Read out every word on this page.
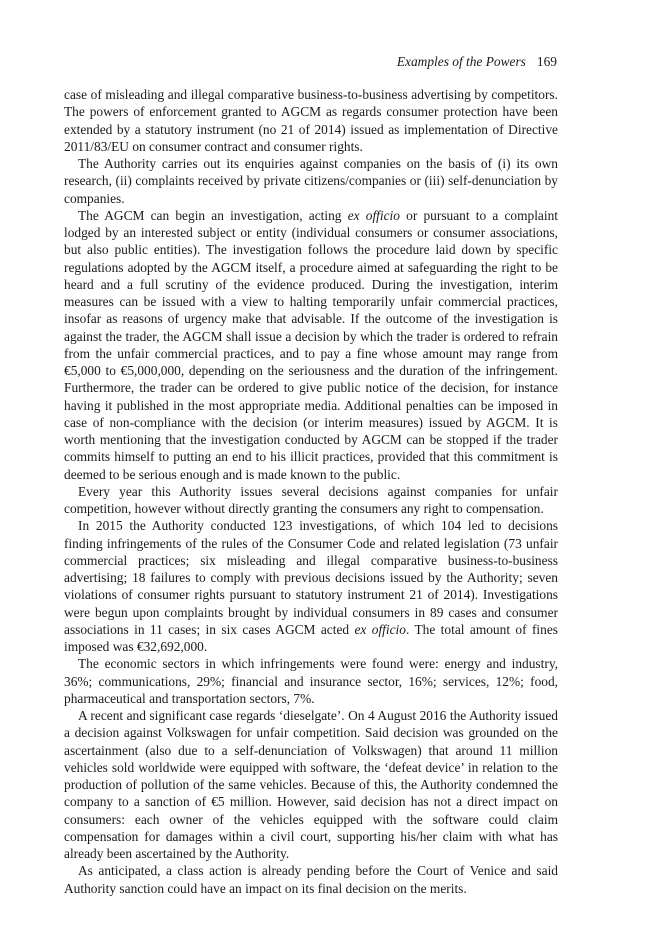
Examples of the Powers 169

case of misleading and illegal comparative business-to-business advertising by competitors. The powers of enforcement granted to AGCM as regards consumer protection have been extended by a statutory instrument (no 21 of 2014) issued as implementation of Directive 2011/83/EU on consumer contract and consumer rights.

The Authority carries out its enquiries against companies on the basis of (i) its own research, (ii) complaints received by private citizens/companies or (iii) self-denunciation by companies.

The AGCM can begin an investigation, acting ex officio or pursuant to a complaint lodged by an interested subject or entity (individual consumers or consumer associations, but also public entities). The investigation follows the procedure laid down by specific regulations adopted by the AGCM itself, a procedure aimed at safeguarding the right to be heard and a full scrutiny of the evidence produced. During the investigation, interim measures can be issued with a view to halting temporarily unfair commercial practices, insofar as reasons of urgency make that advisable. If the outcome of the investigation is against the trader, the AGCM shall issue a decision by which the trader is ordered to refrain from the unfair commercial practices, and to pay a fine whose amount may range from €5,000 to €5,000,000, depending on the seriousness and the duration of the infringement. Furthermore, the trader can be ordered to give public notice of the decision, for instance having it published in the most appropriate media. Additional penalties can be imposed in case of non-compliance with the decision (or interim measures) issued by AGCM. It is worth mentioning that the investigation conducted by AGCM can be stopped if the trader commits himself to putting an end to his illicit practices, provided that this commitment is deemed to be serious enough and is made known to the public.

Every year this Authority issues several decisions against companies for unfair competition, however without directly granting the consumers any right to compensation.

In 2015 the Authority conducted 123 investigations, of which 104 led to decisions finding infringements of the rules of the Consumer Code and related legislation (73 unfair commercial practices; six misleading and illegal comparative business-to-business advertising; 18 failures to comply with previous decisions issued by the Authority; seven violations of consumer rights pursuant to statutory instrument 21 of 2014). Investigations were begun upon complaints brought by individual consumers in 89 cases and consumer associations in 11 cases; in six cases AGCM acted ex officio. The total amount of fines imposed was €32,692,000.

The economic sectors in which infringements were found were: energy and industry, 36%; communications, 29%; financial and insurance sector, 16%; services, 12%; food, pharmaceutical and transportation sectors, 7%.

A recent and significant case regards ‘dieselgate’. On 4 August 2016 the Authority issued a decision against Volkswagen for unfair competition. Said decision was grounded on the ascertainment (also due to a self-denunciation of Volkswagen) that around 11 million vehicles sold worldwide were equipped with software, the ‘defeat device’ in relation to the production of pollution of the same vehicles. Because of this, the Authority condemned the company to a sanction of €5 million. However, said decision has not a direct impact on consumers: each owner of the vehicles equipped with the software could claim compensation for damages within a civil court, supporting his/her claim with what has already been ascertained by the Authority.

As anticipated, a class action is already pending before the Court of Venice and said Authority sanction could have an impact on its final decision on the merits.
